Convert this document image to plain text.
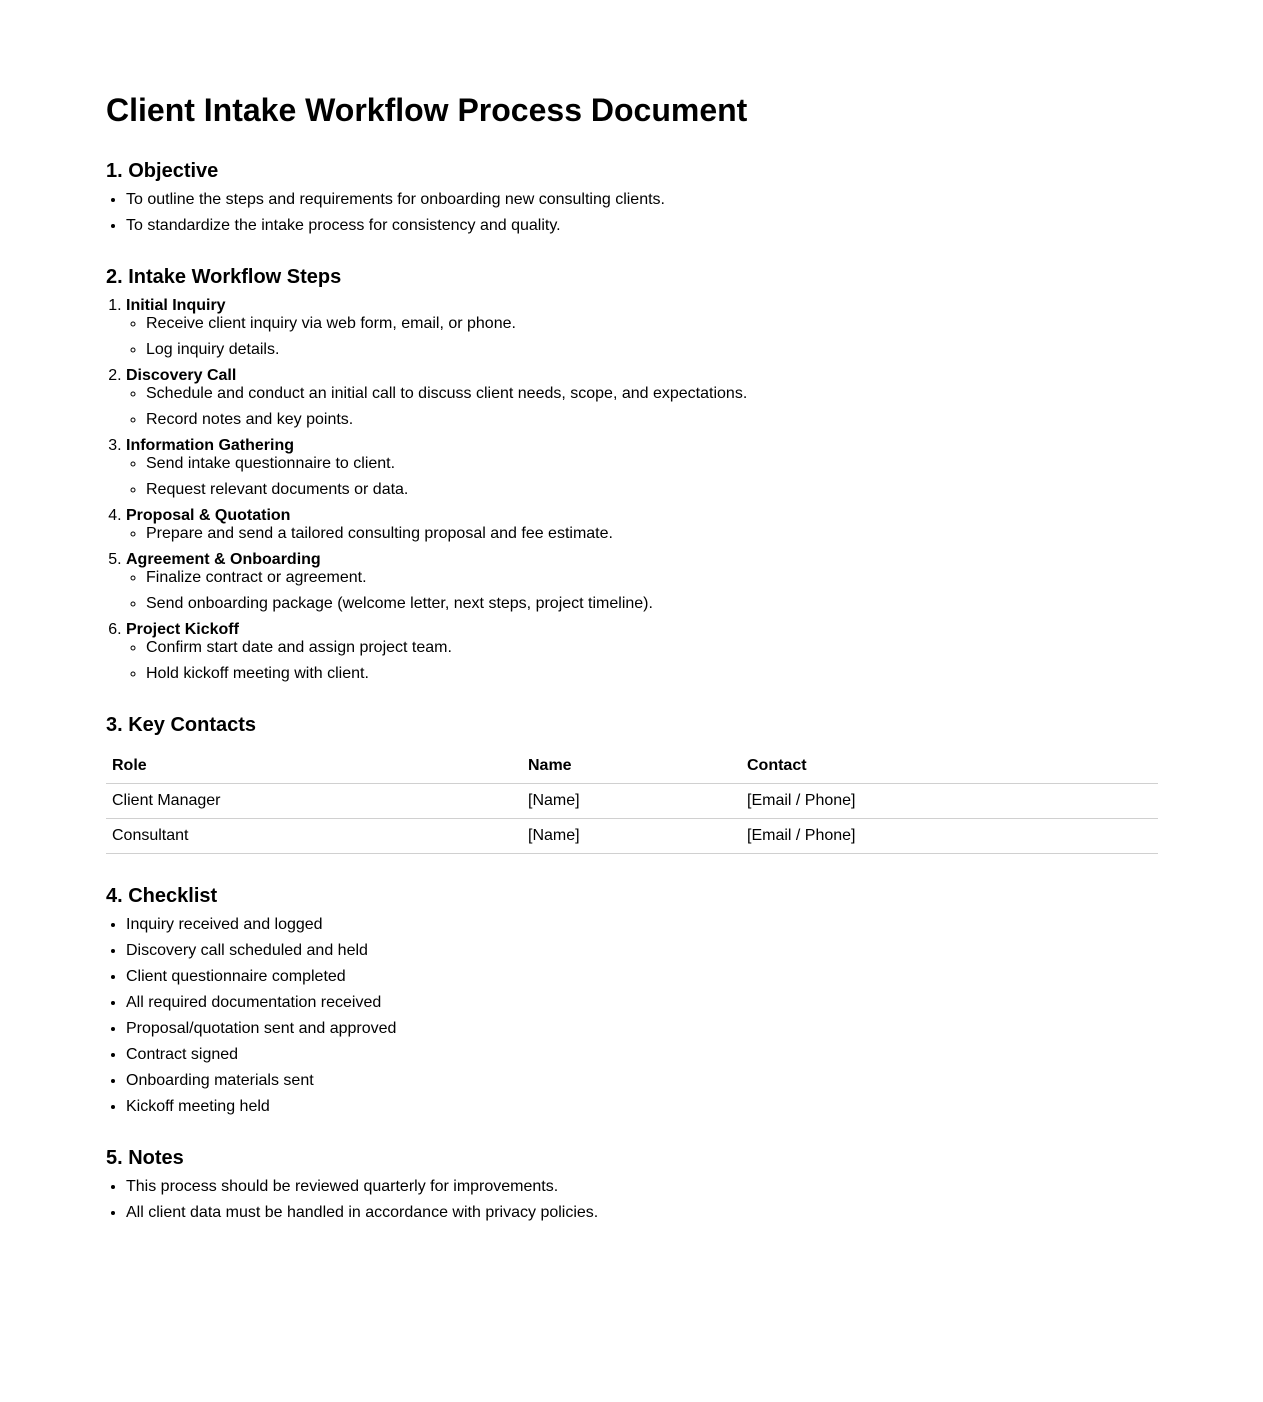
Client Intake Workflow Process Document
1. Objective
• To outline the steps and requirements for onboarding new consulting clients.
• To standardize the intake process for consistency and quality.
2. Intake Workflow Steps
1. Initial Inquiry
◦ Receive client inquiry via web form, email, or phone.
◦ Log inquiry details.
2. Discovery Call
◦ Schedule and conduct an initial call to discuss client needs, scope, and expectations.
◦ Record notes and key points.
3. Information Gathering
◦ Send intake questionnaire to client.
◦ Request relevant documents or data.
4. Proposal & Quotation
◦ Prepare and send a tailored consulting proposal and fee estimate.
5. Agreement & Onboarding
◦ Finalize contract or agreement.
◦ Send onboarding package (welcome letter, next steps, project timeline).
6. Project Kickoff
◦ Confirm start date and assign project team.
◦ Hold kickoff meeting with client.
3. Key Contacts
Role	Name	Contact
Client Manager	[Name]	[Email / Phone]
Consultant	[Name]	[Email / Phone]
4. Checklist
• Inquiry received and logged
• Discovery call scheduled and held
• Client questionnaire completed
• All required documentation received
• Proposal/quotation sent and approved
• Contract signed
• Onboarding materials sent
• Kickoff meeting held
5. Notes
• This process should be reviewed quarterly for improvements.
• All client data must be handled in accordance with privacy policies.
